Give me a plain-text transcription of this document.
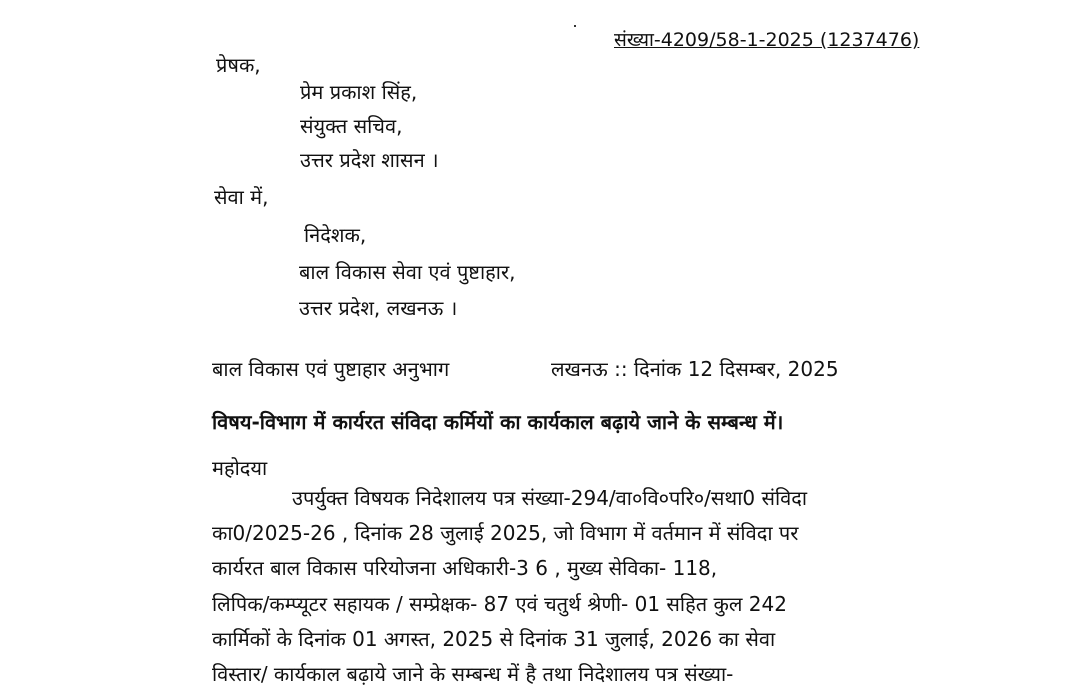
संख्या-4209/58-1-2025 (1237476)
प्रेषक,
प्रेम प्रकाश सिंह,
संयुक्त सचिव,
उत्तर प्रदेश शासन ।
सेवा में,
निदेशक,
बाल विकास सेवा एवं पुष्टाहार,
उत्तर प्रदेश, लखनऊ ।
बाल विकास एवं पुष्टाहार अनुभाग	लखनऊ :: दिनांक 12 दिसम्बर, 2025
विषय-विभाग में कार्यरत संविदा कर्मियों का कार्यकाल बढ़ाये जाने के सम्बन्ध में।
महोदया
उपर्युक्त विषयक निदेशालय पत्र संख्या-294/वा०वि०परि०/सथा0 संविदा
का0/2025-26 , दिनांक 28 जुलाई 2025, जो विभाग में वर्तमान में संविदा पर
कार्यरत बाल विकास परियोजना अधिकारी-3 6 , मुख्य सेविका- 118,
लिपिक/कम्प्यूटर सहायक / सम्प्रेक्षक- 87 एवं चतुर्थ श्रेणी- 01 सहित कुल 242
कार्मिकों के दिनांक 01 अगस्त, 2025 से दिनांक 31 जुलाई, 2026 का सेवा
विस्तार/ कार्यकाल बढ़ाये जाने के सम्बन्ध में है तथा निदेशालय पत्र संख्या-
